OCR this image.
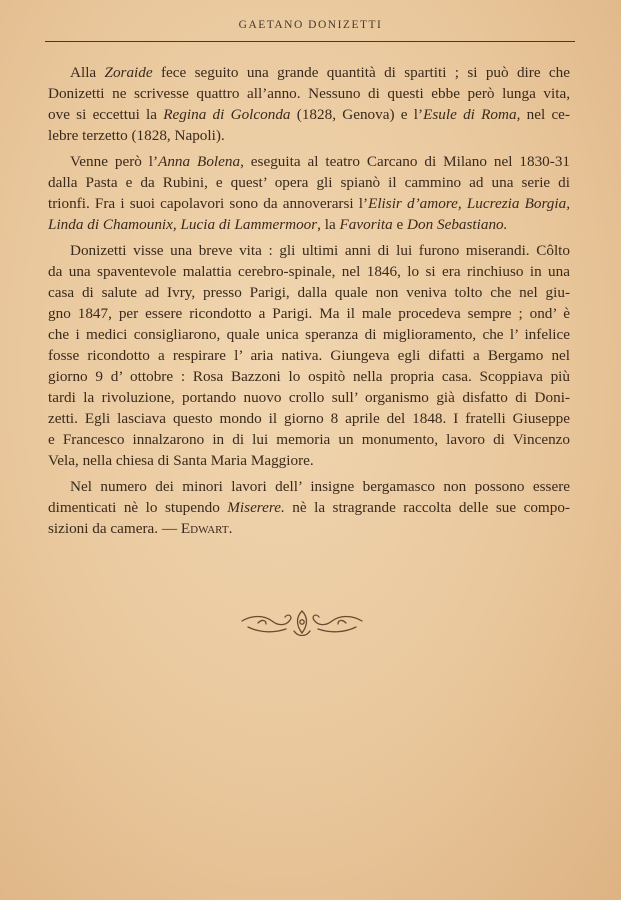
GAETANO DONIZETTI
Alla Zoraide fece seguito una grande quantità di spartiti ; si può dire che
Donizetti ne scrivesse quattro all’anno. Nessuno di questi ebbe però lunga vita,
ove si eccettui la Regina di Golconda (1828, Genova) e l’Esule di Roma, nel ce-
lebre terzetto (1828, Napoli).
Venne però l’Anna Bolena, eseguita al teatro Carcano di Milano nel 1830-31
dalla Pasta e da Rubini, e quest’ opera gli spianò il cammino ad una serie di
trionfi. Fra i suoi capolavori sono da annoverarsi l’Elisir d’amore, Lucrezia Borgia,
Linda di Chamounix, Lucia di Lammermoor, la Favorita e Don Sebastiano.
Donizetti visse una breve vita : gli ultimi anni di lui furono miserandi. Côlto
da una spaventevole malattia cerebro-spinale, nel 1846, lo si era rinchiuso in una
casa di salute ad Ivry, presso Parigi, dalla quale non veniva tolto che nel giu-
gno 1847, per essere ricondotto a Parigi. Ma il male procedeva sempre ; ond’ è
che i medici consigliarono, quale unica speranza di miglioramento, che l’ infelice
fosse ricondotto a respirare l’ aria nativa. Giungeva egli difatti a Bergamo nel
giorno 9 d’ ottobre : Rosa Bazzoni lo ospitò nella propria casa. Scoppiava più
tardi la rivoluzione, portando nuovo crollo sull’ organismo già disfatto di Doni-
zetti. Egli lasciava questo mondo il giorno 8 aprile del 1848. I fratelli Giuseppe
e Francesco innalzarono in di lui memoria un monumento, lavoro di Vincenzo
Vela, nella chiesa di Santa Maria Maggiore.
Nel numero dei minori lavori dell’ insigne bergamasco non possono essere
dimenticati nè lo stupendo Miserere. nè la stragrande raccolta delle sue compo-
sizioni da camera. — Edwart.
